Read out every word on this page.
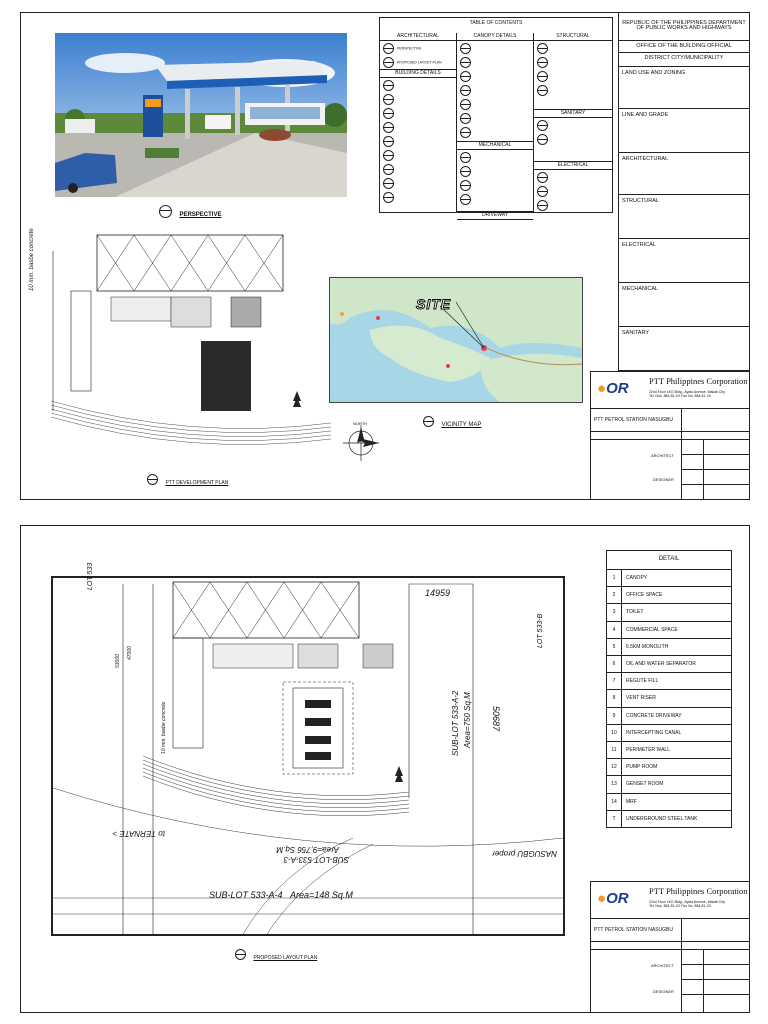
PERSPECTIVE
TABLE OF CONTENTS
ARCHITECTURAL
PERSPECTIVE
PROPOSED LAYOUT PLAN
BUILDING DETAILS
CANOPY DETAILS
MECHANICAL
DRIVEWAY
STRUCTURAL
SANITARY
ELECTRICAL
REPUBLIC OF THE PHILIPPINES DEPARTMENT OF PUBLIC WORKS AND HIGHWAYS
OFFICE OF THE BUILDING OFFICIAL
DISTRICT CITY/MUNICIPALITY
LAND USE AND ZONING
LINE AND GRADE
ARCHITECTURAL
STRUCTURAL
ELECTRICAL
MECHANICAL
SANITARY
●OR PTT Philippines Corporation
22nd Floor LKG Bldg., Ayala Avenue, Makati City
Tel. Nos. 884-81-XX Fax No. 884-81-XX
PTT PETROL STATION NASUGBU
ARCHITECT
DESIGNER
10 mm. basbe concrete
PTT DEVELOPMENT PLAN
SITE
VICINITY MAP
NORTH
LOT 533
LOT 533-B
14959
50687
53000
47000
10 mm. basbe concrete	SUB-LOT 533-A-2 Area=750 Sq.M
SUB-LOT 533-A-3
Area=9,756 Sq.M
SUB-LOT 533-A-4 Area=148 Sq.M
to TERNATE >
NASUGBU proper
PROPOSED LAYOUT PLAN
DETAIL
1 CANOPY
2 OFFICE SPACE
3 TOILET
4 COMMERCIAL SPACE
5 6.5KM MONOLITH
6 OIL AND WATER SEPARATOR
7 REGUTE FILL
8 VENT RISER
9 CONCRETE DRIVEWAY
10 INTERCEPTING CANAL
11 PERIMETER WALL
12 PUMP ROOM
13 GENSET ROOM
14 MRF
T UNDERGROUND STEEL TANK
●OR PTT Philippines Corporation
22nd Floor LKG Bldg., Ayala Avenue, Makati City
Tel. Nos. 884-81-XX Fax No. 884-81-XX
PTT PETROL STATION NASUGBU
ARCHITECT
DESIGNER
